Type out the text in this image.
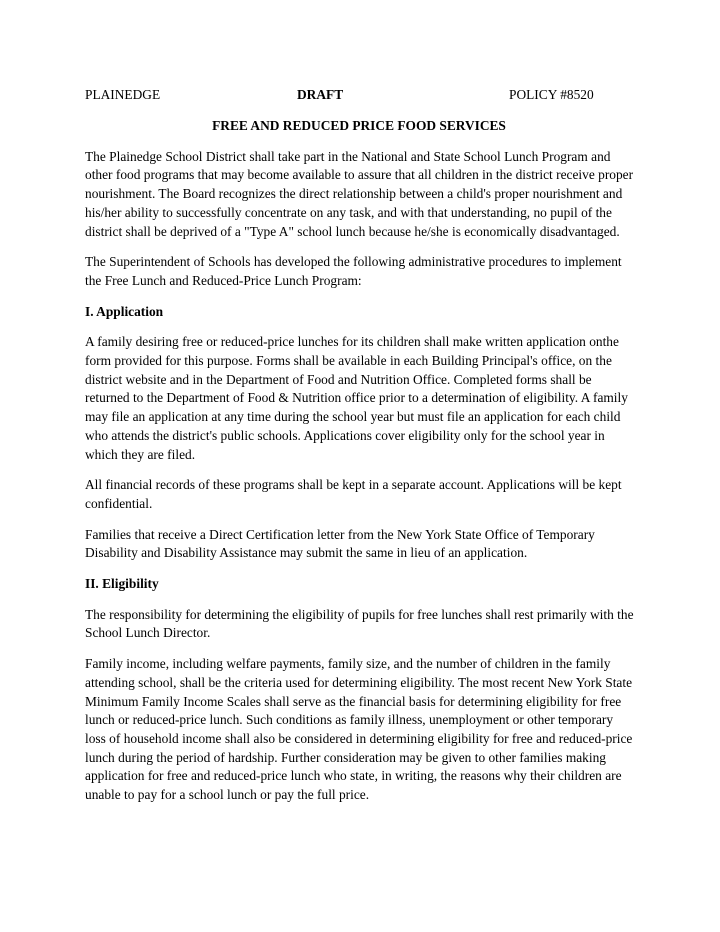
PLAINEDGE	DRAFT	POLICY #8520
FREE AND REDUCED PRICE FOOD SERVICES

The Plainedge School District shall take part in the National and State School Lunch Program and other food programs that may become available to assure that all children in the district receive proper nourishment. The Board recognizes the direct relationship between a child's proper nourishment and his/her ability to successfully concentrate on any task, and with that understanding, no pupil of the district shall be deprived of a "Type A" school lunch because he/she is economically disadvantaged.

The Superintendent of Schools has developed the following administrative procedures to implement the Free Lunch and Reduced-Price Lunch Program:

I. Application

A family desiring free or reduced-price lunches for its children shall make written application onthe form provided for this purpose. Forms shall be available in each Building Principal's office, on the district website and in the Department of Food and Nutrition Office. Completed forms shall be returned to the Department of Food & Nutrition office prior to a determination of eligibility. A family may file an application at any time during the school year but must file an application for each child who attends the district's public schools. Applications cover eligibility only for the school year in which they are filed.

All financial records of these programs shall be kept in a separate account. Applications will be kept confidential.

Families that receive a Direct Certification letter from the New York State Office of Temporary Disability and Disability Assistance may submit the same in lieu of an application.

II. Eligibility

The responsibility for determining the eligibility of pupils for free lunches shall rest primarily with the School Lunch Director.

Family income, including welfare payments, family size, and the number of children in the family attending school, shall be the criteria used for determining eligibility. The most recent New York State Minimum Family Income Scales shall serve as the financial basis for determining eligibility for free lunch or reduced-price lunch. Such conditions as family illness, unemployment or other temporary loss of household income shall also be considered in determining eligibility for free and reduced-price lunch during the period of hardship. Further consideration may be given to other families making application for free and reduced-price lunch who state, in writing, the reasons why their children are unable to pay for a school lunch or pay the full price.
